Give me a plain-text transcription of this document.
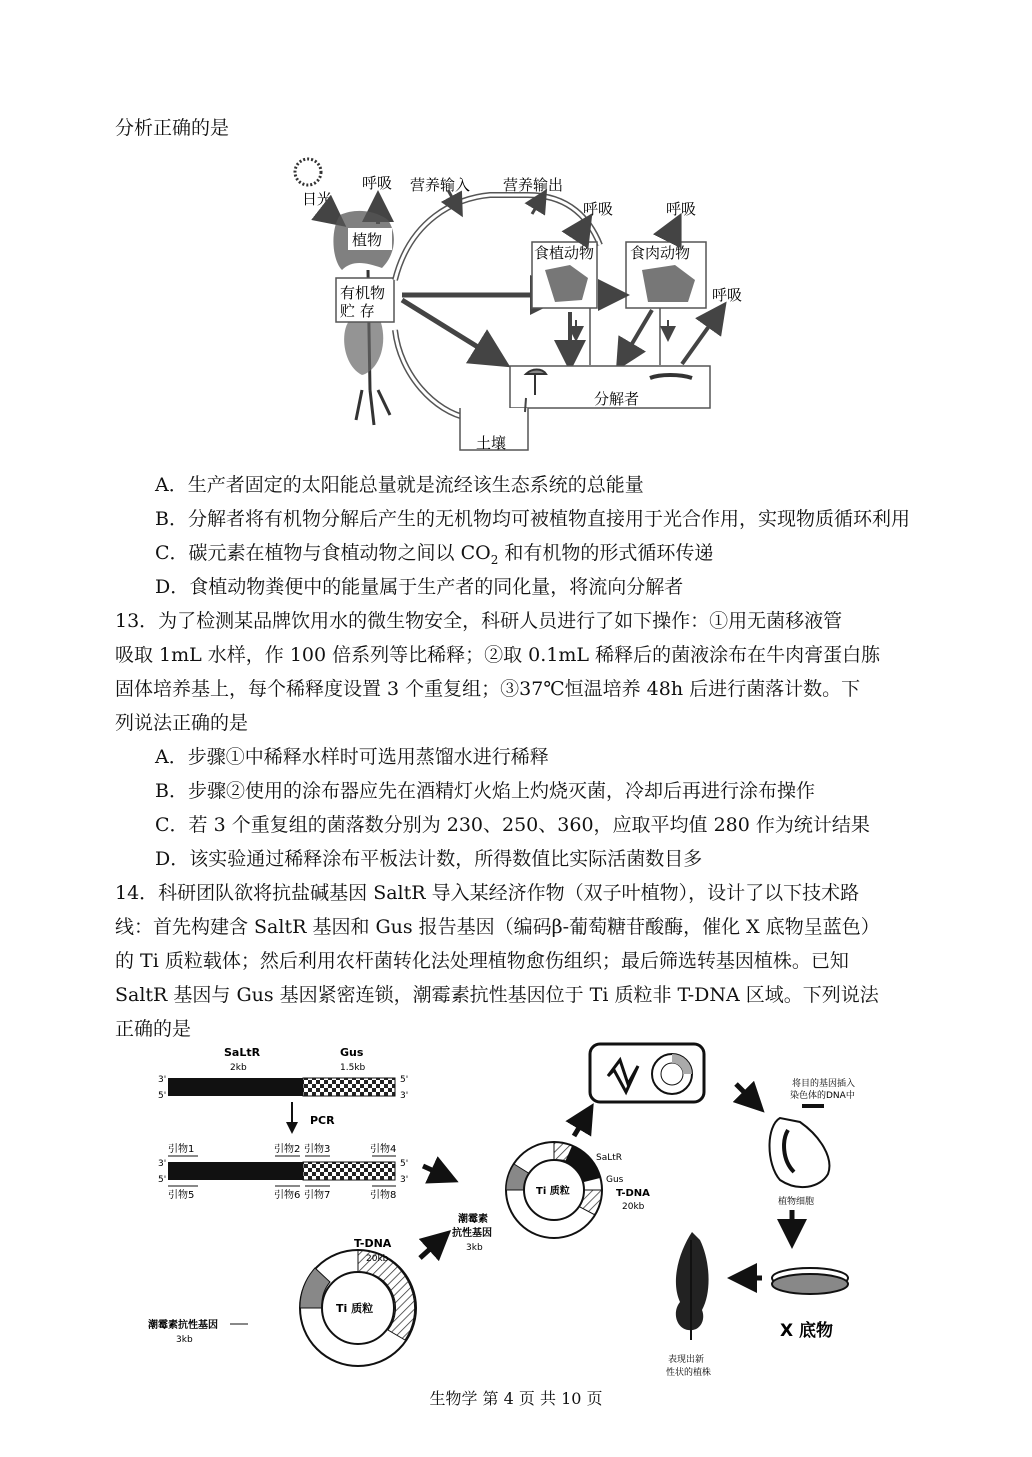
分析正确的是
日光
呼吸
植物
有机物
贮 存
营养输入 营养输出
食植动物
呼吸
食肉动物
呼吸
呼吸
分解者
土壤
A．生产者固定的太阳能总量就是流经该生态系统的总能量
B．分解者将有机物分解后产生的无机物均可被植物直接用于光合作用，实现物质循环利用
C．碳元素在植物与食植动物之间以 $CO_2$ 和有机物的形式循环传递
D．食植动物粪便中的能量属于生产者的同化量，将流向分解者
13．为了检测某品牌饮用水的微生物安全，科研人员进行了如下操作：①用无菌移液管
吸取 1mL 水样，作 100 倍系列等比稀释；②取 0.1mL 稀释后的菌液涂布在牛肉膏蛋白胨
固体培养基上，每个稀释度设置 3 个重复组；③37℃恒温培养 48h 后进行菌落计数。下
列说法正确的是
A．步骤①中稀释水样时可选用蒸馏水进行稀释
B．步骤②使用的涂布器应先在酒精灯火焰上灼烧灭菌，冷却后再进行涂布操作
C．若 3 个重复组的菌落数分别为 230、250、360，应取平均值 280 作为统计结果
D．该实验通过稀释涂布平板法计数，所得数值比实际活菌数目多
14．科研团队欲将抗盐碱基因 SaltR 导入某经济作物（双子叶植物），设计了以下技术路
线：首先构建含 SaltR 基因和 Gus 报告基因（编码β-葡萄糖苷酸酶，催化 X 底物呈蓝色）
的 Ti 质粒载体；然后利用农杆菌转化法处理植物愈伤组织；最后筛选转基因植株。已知
SaltR 基因与 Gus 基因紧密连锁，潮霉素抗性基因位于 Ti 质粒非 T-DNA 区域。下列说法
正确的是
SaLtR
2kb
Gus
1.5kb
3'
5'
5'
3'
PCR
引物1	引物2 引物3	引物4
3'
5'
5'
3'
引物5	引物6 引物7	引物8
Ti 质粒
T-DNA
20kb
潮霉素抗性基因
3kb
Ti 质粒
SaLtR
Gus
T-DNA
20kb
潮霉素
抗性基因
3kb
将目的基因插入
染色体的DNA中
植物细胞
X 底物
表现出新
性状的植株
生物学 第 4 页 共 10 页
